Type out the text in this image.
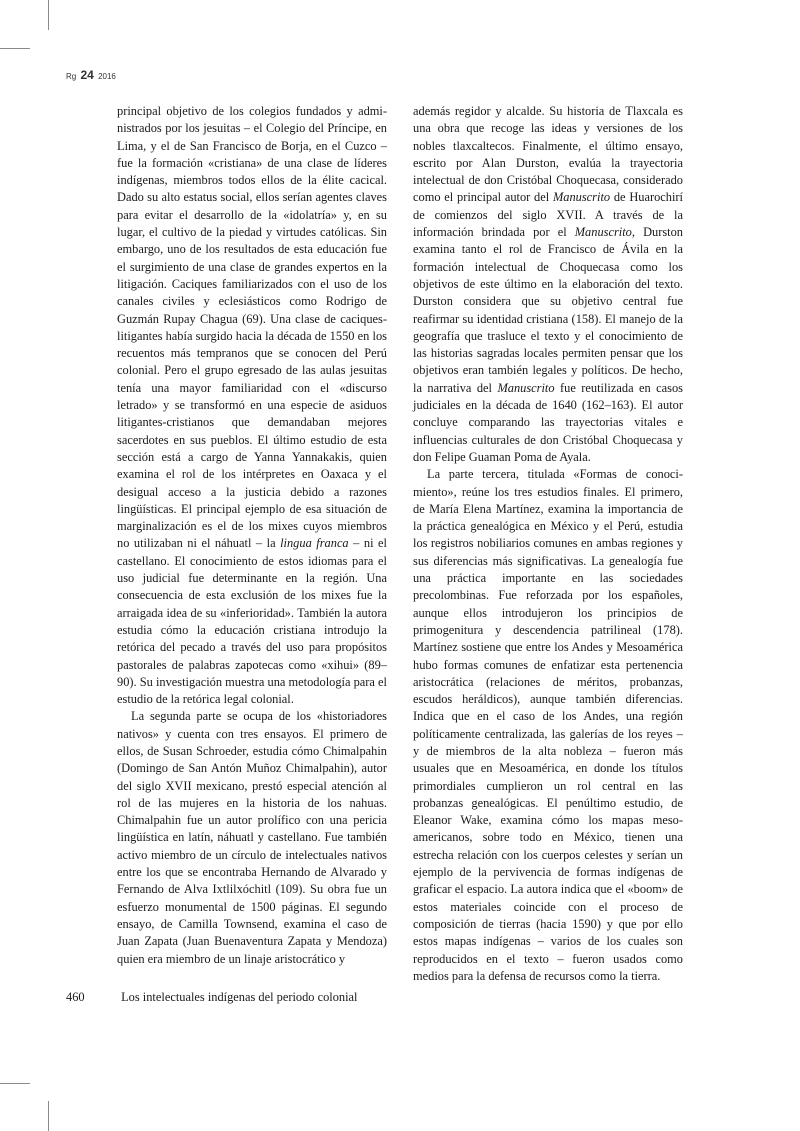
Rg 24 2016

principal objetivo de los colegios fundados y administrados por los jesuitas – el Colegio del Príncipe, en Lima, y el de San Francisco de Borja, en el Cuzco – fue la formación «cristiana» de una clase de líderes indígenas, miembros todos ellos de la élite cacical. Dado su alto estatus social, ellos serían agentes claves para evitar el desarrollo de la «idolatría» y, en su lugar, el cultivo de la piedad y virtudes católicas. Sin embargo, uno de los resultados de esta educación fue el surgimiento de una clase de grandes expertos en la litigación. Caciques familiarizados con el uso de los canales civiles y eclesiásticos como Rodrigo de Guzmán Rupay Chagua (69). Una clase de caciques-litigantes había surgido hacia la década de 1550 en los recuentos más tempranos que se conocen del Perú colonial. Pero el grupo egresado de las aulas jesuitas tenía una mayor familiaridad con el «discurso letrado» y se transformó en una especie de asiduos litigantes-cristianos que demandaban mejores sacerdotes en sus pueblos. El último estudio de esta sección está a cargo de Yanna Yannakakis, quien examina el rol de los intérpretes en Oaxaca y el desigual acceso a la justicia debido a razones lingüísticas. El principal ejemplo de esa situación de marginalización es el de los mixes cuyos miembros no utilizaban ni el náhuatl – la lingua franca – ni el castellano. El conocimiento de estos idiomas para el uso judicial fue determinante en la región. Una consecuencia de esta exclusión de los mixes fue la arraigada idea de su «inferioridad». También la autora estudia cómo la educación cristiana introdujo la retórica del pecado a través del uso para propósitos pastorales de palabras zapotecas como «xihui» (89–90). Su investigación muestra una metodología para el estudio de la retórica legal colonial.

La segunda parte se ocupa de los «historiadores nativos» y cuenta con tres ensayos. El primero de ellos, de Susan Schroeder, estudia cómo Chimalpahin (Domingo de San Antón Muñoz Chimalpahin), autor del siglo XVII mexicano, prestó especial atención al rol de las mujeres en la historia de los nahuas. Chimalpahin fue un autor prolífico con una pericia lingüística en latín, náhuatl y castellano. Fue también activo miembro de un círculo de intelectuales nativos entre los que se encontraba Hernando de Alvarado y Fernando de Alva Ixtlilxóchitl (109). Su obra fue un esfuerzo monumental de 1500 páginas. El segundo ensayo, de Camilla Townsend, examina el caso de Juan Zapata (Juan Buenaventura Zapata y Mendoza) quien era miembro de un linaje aristocrático y

además regidor y alcalde. Su historia de Tlaxcala es una obra que recoge las ideas y versiones de los nobles tlaxcaltecos. Finalmente, el último ensayo, escrito por Alan Durston, evalúa la trayectoria intelectual de don Cristóbal Choquecasa, considerado como el principal autor del Manuscrito de Huarochirí de comienzos del siglo XVII. A través de la información brindada por el Manuscrito, Durston examina tanto el rol de Francisco de Ávila en la formación intelectual de Choquecasa como los objetivos de este último en la elaboración del texto. Durston considera que su objetivo central fue reafirmar su identidad cristiana (158). El manejo de la geografía que trasluce el texto y el conocimiento de las historias sagradas locales permiten pensar que los objetivos eran también legales y políticos. De hecho, la narrativa del Manuscrito fue reutilizada en casos judiciales en la década de 1640 (162–163). El autor concluye comparando las trayectorias vitales e influencias culturales de don Cristóbal Choquecasa y don Felipe Guaman Poma de Ayala.

La parte tercera, titulada «Formas de conocimiento», reúne los tres estudios finales. El primero, de María Elena Martínez, examina la importancia de la práctica genealógica en México y el Perú, estudia los registros nobiliarios comunes en ambas regiones y sus diferencias más significativas. La genealogía fue una práctica importante en las sociedades precolombinas. Fue reforzada por los españoles, aunque ellos introdujeron los principios de primogenitura y descendencia patrilineal (178). Martínez sostiene que entre los Andes y Mesoamérica hubo formas comunes de enfatizar esta pertenencia aristocrática (relaciones de méritos, probanzas, escudos heráldicos), aunque también diferencias. Indica que en el caso de los Andes, una región políticamente centralizada, las galerías de los reyes – y de miembros de la alta nobleza – fueron más usuales que en Mesoamérica, en donde los títulos primordiales cumplieron un rol central en las probanzas genealógicas. El penúltimo estudio, de Eleanor Wake, examina cómo los mapas mesoamericanos, sobre todo en México, tienen una estrecha relación con los cuerpos celestes y serían un ejemplo de la pervivencia de formas indígenas de graficar el espacio. La autora indica que el «boom» de estos materiales coincide con el proceso de composición de tierras (hacia 1590) y que por ello estos mapas indígenas – varios de los cuales son reproducidos en el texto – fueron usados como medios para la defensa de recursos como la tierra.

460	Los intelectuales indígenas del periodo colonial
